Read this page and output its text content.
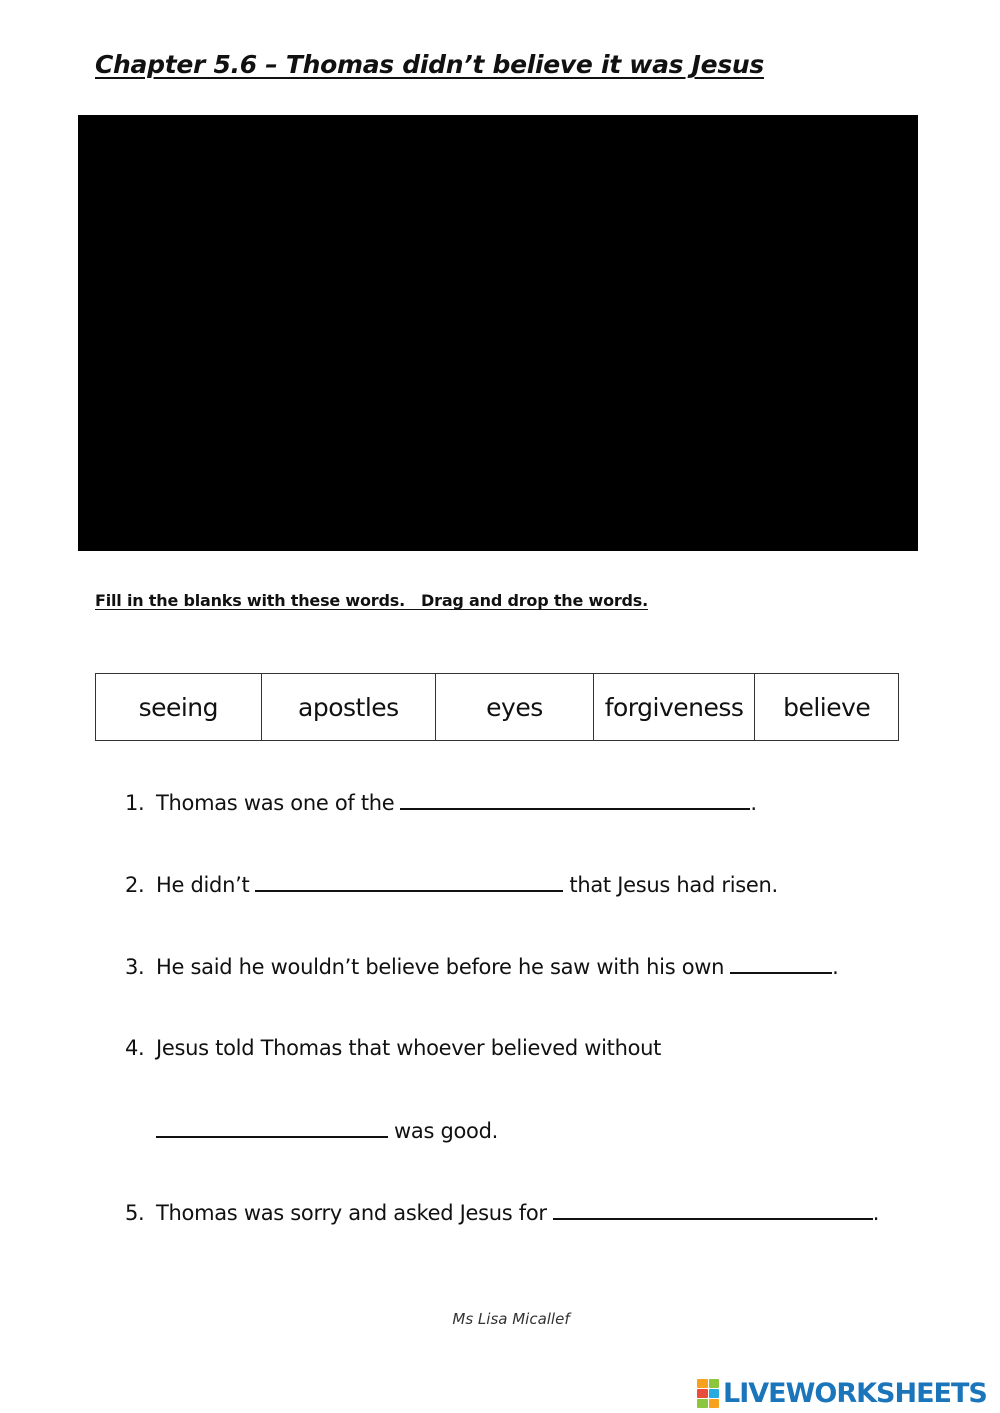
Chapter 5.6 – Thomas didn’t believe it was Jesus
Fill in the blanks with these words.   Drag and drop the words.
seeing	apostles	eyes	forgiveness	believe
1. Thomas was one of the	.
2. He didn’t	that Jesus had risen.
3. He said he wouldn’t believe before he saw with his own	.
4. Jesus told Thomas that whoever believed without
was good.
5. Thomas was sorry and asked Jesus for	.
Ms Lisa Micallef
LIVEWORKSHEETS
